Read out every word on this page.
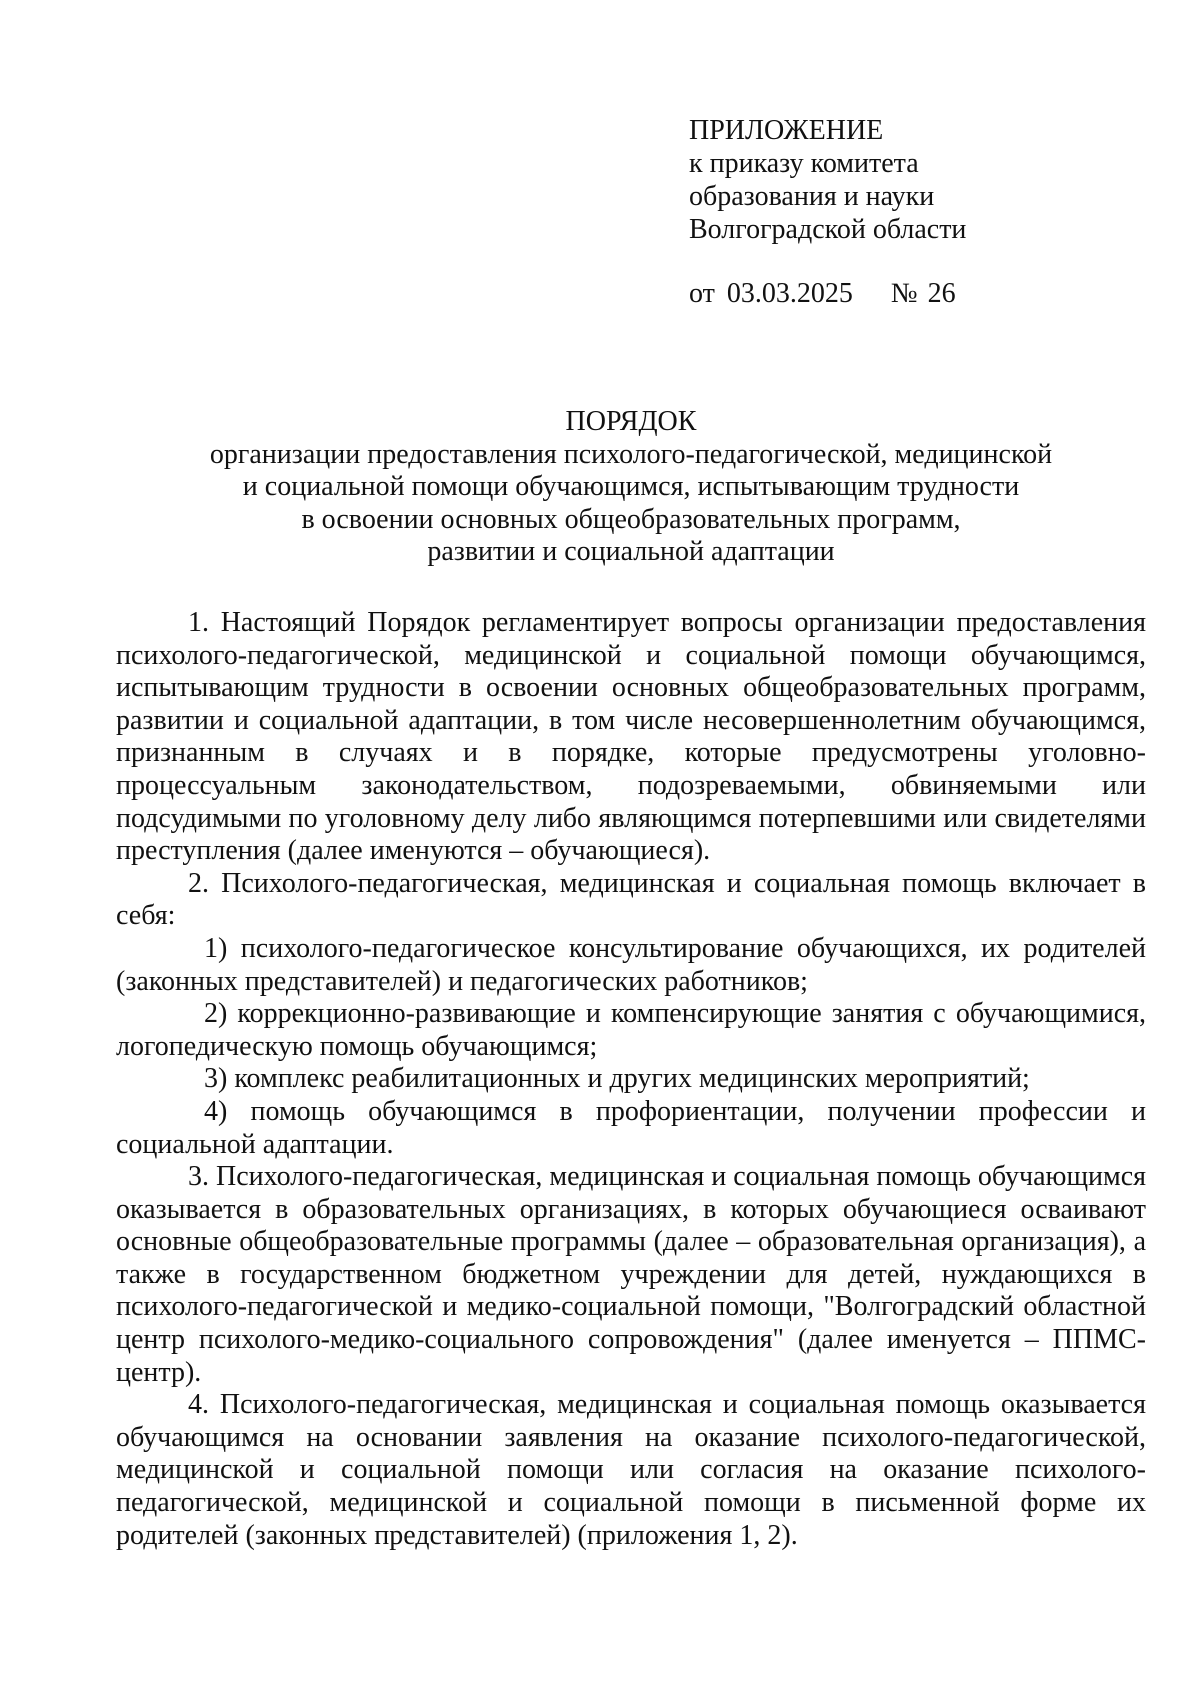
ПРИЛОЖЕНИЕ
к приказу комитета
образования и науки
Волгоградской области
от 03.03.2025 № 26
ПОРЯДОК
организации предоставления психолого-педагогической, медицинской
и социальной помощи обучающимся, испытывающим трудности
в освоении основных общеобразовательных программ,
развитии и социальной адаптации

1. Настоящий Порядок регламентирует вопросы организации предоставления психолого-педагогической, медицинской и социальной помощи обучающимся, испытывающим трудности в освоении основных общеобразовательных программ, развитии и социальной адаптации, в том числе несовершеннолетним обучающимся, признанным в случаях и в порядке, которые предусмотрены уголовно-процессуальным законодательством, подозреваемыми, обвиняемыми или подсудимыми по уголовному делу либо являющимся потерпевшими или свидетелями преступления (далее именуются – обучающиеся).

2. Психолого-педагогическая, медицинская и социальная помощь включает в себя:

1) психолого-педагогическое консультирование обучающихся, их родителей (законных представителей) и педагогических работников;

2) коррекционно-развивающие и компенсирующие занятия с обучающимися, логопедическую помощь обучающимся;

3) комплекс реабилитационных и других медицинских мероприятий;

4) помощь обучающимся в профориентации, получении профессии и социальной адаптации.

3. Психолого-педагогическая, медицинская и социальная помощь обучающимся оказывается в образовательных организациях, в которых обучающиеся осваивают основные общеобразовательные программы (далее – образовательная организация), а также в государственном бюджетном учреждении для детей, нуждающихся в психолого-педагогической и медико-социальной помощи, "Волгоградский областной центр психолого-медико-социального сопровождения" (далее именуется – ППМС-центр).

4. Психолого-педагогическая, медицинская и социальная помощь оказывается обучающимся на основании заявления на оказание психолого-педагогической, медицинской и социальной помощи или согласия на оказание психолого-педагогической, медицинской и социальной помощи в письменной форме их родителей (законных представителей) (приложения 1, 2).
